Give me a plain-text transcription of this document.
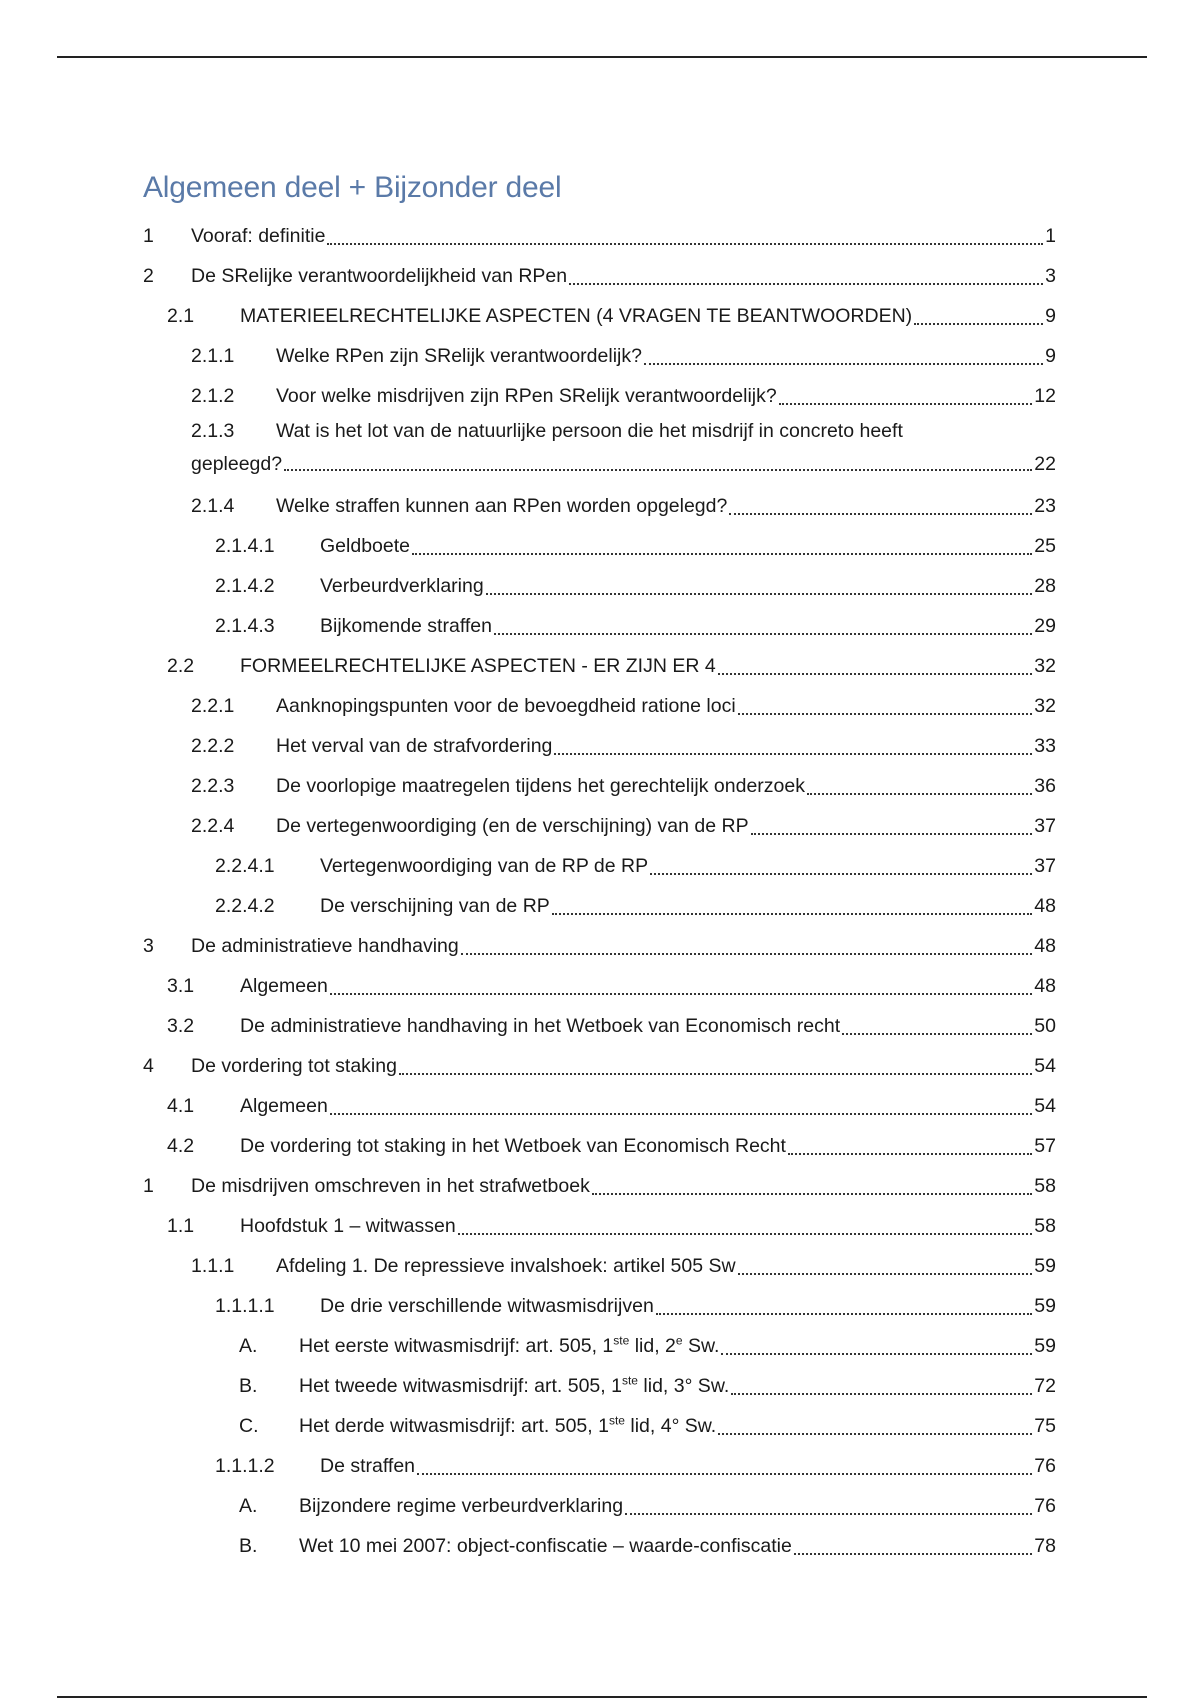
Algemeen deel + Bijzonder deel
1	Vooraf: definitie	1
2	De SRelijke verantwoordelijkheid van RPen	3
2.1	MATERIEELRECHTELIJKE ASPECTEN (4 VRAGEN TE BEANTWOORDEN)	9
2.1.1	Welke RPen zijn SRelijk verantwoordelijk?	9
2.1.2	Voor welke misdrijven zijn RPen SRelijk verantwoordelijk?	12
2.1.3 Wat is het lot van de natuurlijke persoon die het misdrijf in concreto heeft
gepleegd?	22
2.1.4	Welke straffen kunnen aan RPen worden opgelegd?	23
2.1.4.1	Geldboete	25
2.1.4.2	Verbeurdverklaring	28
2.1.4.3	Bijkomende straffen	29
2.2	FORMEELRECHTELIJKE ASPECTEN - ER ZIJN ER 4	32
2.2.1	Aanknopingspunten voor de bevoegdheid ratione loci	32
2.2.2	Het verval van de strafvordering	33
2.2.3	De voorlopige maatregelen tijdens het gerechtelijk onderzoek	36
2.2.4	De vertegenwoordiging (en de verschijning) van de RP	37
2.2.4.1	Vertegenwoordiging van de RP de RP	37
2.2.4.2	De verschijning van de RP	48
3	De administratieve handhaving	48
3.1	Algemeen	48
3.2	De administratieve handhaving in het Wetboek van Economisch recht	50
4	De vordering tot staking	54
4.1	Algemeen	54
4.2	De vordering tot staking in het Wetboek van Economisch Recht	57
1	De misdrijven omschreven in het strafwetboek	58
1.1	Hoofdstuk 1 – witwassen	58
1.1.1	Afdeling 1. De repressieve invalshoek: artikel 505 Sw	59
1.1.1.1	De drie verschillende witwasmisdrijven	59
A.	Het eerste witwasmisdrijf: art. 505, 1ste lid, 2e Sw.	59
B.	Het tweede witwasmisdrijf: art. 505, 1ste lid, 3° Sw.	72
C.	Het derde witwasmisdrijf: art. 505, 1ste lid, 4° Sw.	75
1.1.1.2	De straffen	76
A.	Bijzondere regime verbeurdverklaring	76
B.	Wet 10 mei 2007: object-confiscatie – waarde-confiscatie	78
